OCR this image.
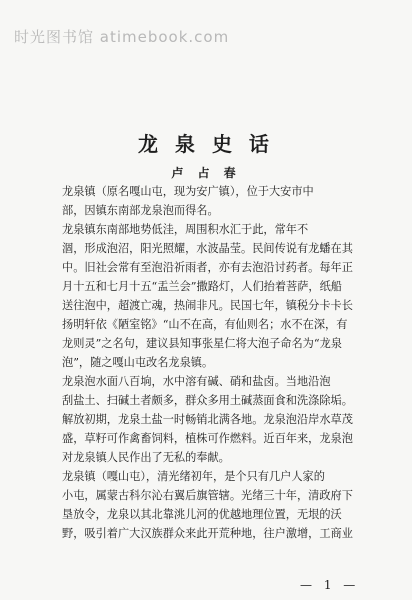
时光图书馆 atimebook.com
龙 泉 史 话
卢 占 春
龙泉镇（原名嘎山屯，现为安广镇），位于大安市中
部，因镇东南部龙泉泡而得名。
龙泉镇东南部地势低洼，周围积水汇于此，常年不
涸，形成泡沼，阳光照耀，水波晶莹。民间传说有龙蟠在其
中。旧社会常有至泡沿祈雨者，亦有去泡沿讨药者。每年正
月十五和七月十五“盂兰会”撒路灯，人们抬着菩萨，纸船
送往泡中，超渡亡魂，热闹非凡。民国七年，镇税分卡卡长
扬明轩依《陋室铭》“山不在高，有仙则名；水不在深，有
龙则灵”之名句，建议县知事张星仁将大泡子命名为“龙泉
泡”，随之嘎山屯改名龙泉镇。
龙泉泡水面八百垧，水中溶有碱、硝和盐卤。当地沿泡
刮盐土、扫碱土者颇多，群众多用土碱蒸面食和洗涤除垢。
解放初期，龙泉土盐一时畅销北满各地。龙泉泡沿岸水草茂
盛，草籽可作禽畜饲料，植株可作燃料。近百年来，龙泉泡
对龙泉镇人民作出了无私的奉献。
龙泉镇（嘎山屯），清光绪初年，是个只有几户人家的
小屯，属蒙古科尔沁右翼后旗管辖。光绪三十年，清政府下
垦放令，龙泉以其北靠洮儿河的优越地理位置，无垠的沃
野，吸引着广大汉族群众来此开荒种地，往户激增，工商业
— 1 —
